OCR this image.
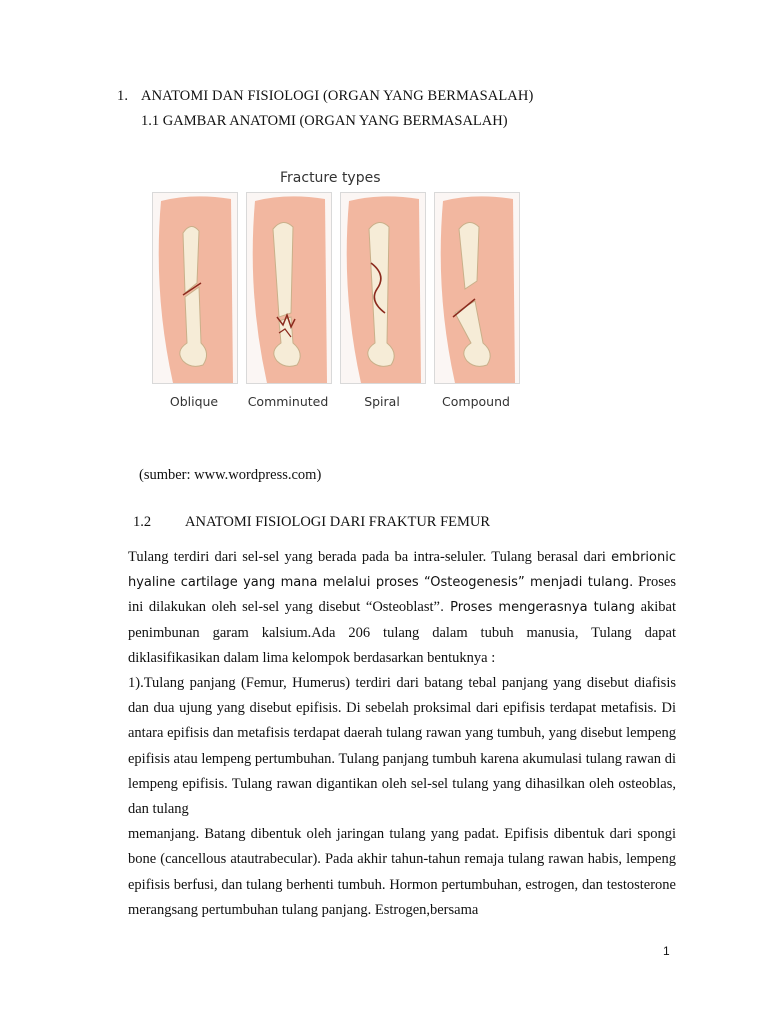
1. ANATOMI DAN FISIOLOGI (ORGAN YANG BERMASALAH)
1.1 GAMBAR ANATOMI (ORGAN YANG BERMASALAH)
Fracture types
Oblique	Comminuted	Spiral	Compound
(sumber: www.wordpress.com)
1.2 ANATOMI FISIOLOGI DARI FRAKTUR FEMUR

Tulang terdiri dari sel-sel yang berada pada ba intra-seluler. Tulang berasal dari embrionic hyaline cartilage yang mana melalui proses “Osteogenesis” menjadi tulang. Proses ini dilakukan oleh sel-sel yang disebut “Osteoblast”. Proses mengerasnya tulang akibat penimbunan garam kalsium.Ada 206 tulang dalam tubuh manusia, Tulang dapat diklasifikasikan dalam lima kelompok berdasarkan bentuknya :

1).Tulang panjang (Femur, Humerus) terdiri dari batang tebal panjang yang disebut diafisis dan dua ujung yang disebut epifisis. Di sebelah proksimal dari epifisis terdapat metafisis. Di antara epifisis dan metafisis terdapat daerah tulang rawan yang tumbuh, yang disebut lempeng epifisis atau lempeng pertumbuhan. Tulang panjang tumbuh karena akumulasi tulang rawan di lempeng epifisis. Tulang rawan digantikan oleh sel-sel tulang yang dihasilkan oleh osteoblas, dan tulang

memanjang. Batang dibentuk oleh jaringan tulang yang padat. Epifisis dibentuk dari spongi bone (cancellous atautrabecular). Pada akhir tahun-tahun remaja tulang rawan habis, lempeng epifisis berfusi, dan tulang berhenti tumbuh. Hormon pertumbuhan, estrogen, dan testosterone merangsang pertumbuhan tulang panjang. Estrogen,bersama

1
